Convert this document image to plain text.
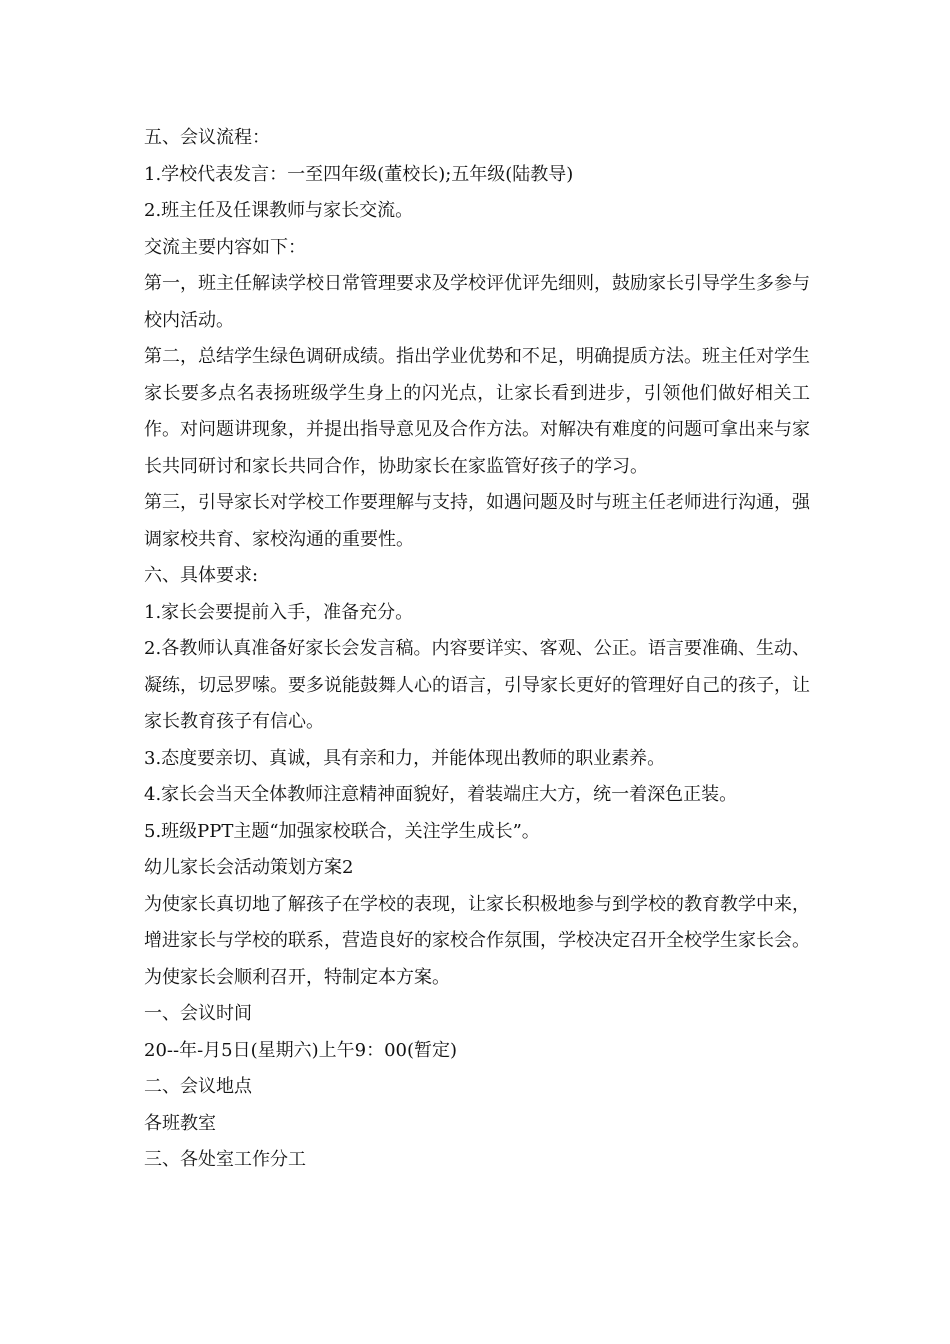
五、会议流程：

1.学校代表发言：一至四年级(董校长);五年级(陆教导)

2.班主任及任课教师与家长交流。

交流主要内容如下：

第一，班主任解读学校日常管理要求及学校评优评先细则，鼓励家长引导学生多参与校内活动。

第二，总结学生绿色调研成绩。指出学业优势和不足，明确提质方法。班主任对学生家长要多点名表扬班级学生身上的闪光点，让家长看到进步，引领他们做好相关工作。对问题讲现象，并提出指导意见及合作方法。对解决有难度的问题可拿出来与家长共同研讨和家长共同合作，协助家长在家监管好孩子的学习。

第三，引导家长对学校工作要理解与支持，如遇问题及时与班主任老师进行沟通，强调家校共育、家校沟通的重要性。

六、具体要求:

1.家长会要提前入手，准备充分。

2.各教师认真准备好家长会发言稿。内容要详实、客观、公正。语言要准确、生动、凝练，切忌罗嗦。要多说能鼓舞人心的语言，引导家长更好的管理好自己的孩子，让家长教育孩子有信心。

3.态度要亲切、真诚，具有亲和力，并能体现出教师的职业素养。

4.家长会当天全体教师注意精神面貌好，着装端庄大方，统一着深色正装。

5.班级PPT主题“加强家校联合，关注学生成长”。

幼儿家长会活动策划方案2

为使家长真切地了解孩子在学校的表现，让家长积极地参与到学校的教育教学中来，增进家长与学校的联系，营造良好的家校合作氛围，学校决定召开全校学生家长会。为使家长会顺利召开，特制定本方案。

一、会议时间

20--年-月5日(星期六)上午9：00(暂定)

二、会议地点

各班教室

三、各处室工作分工
